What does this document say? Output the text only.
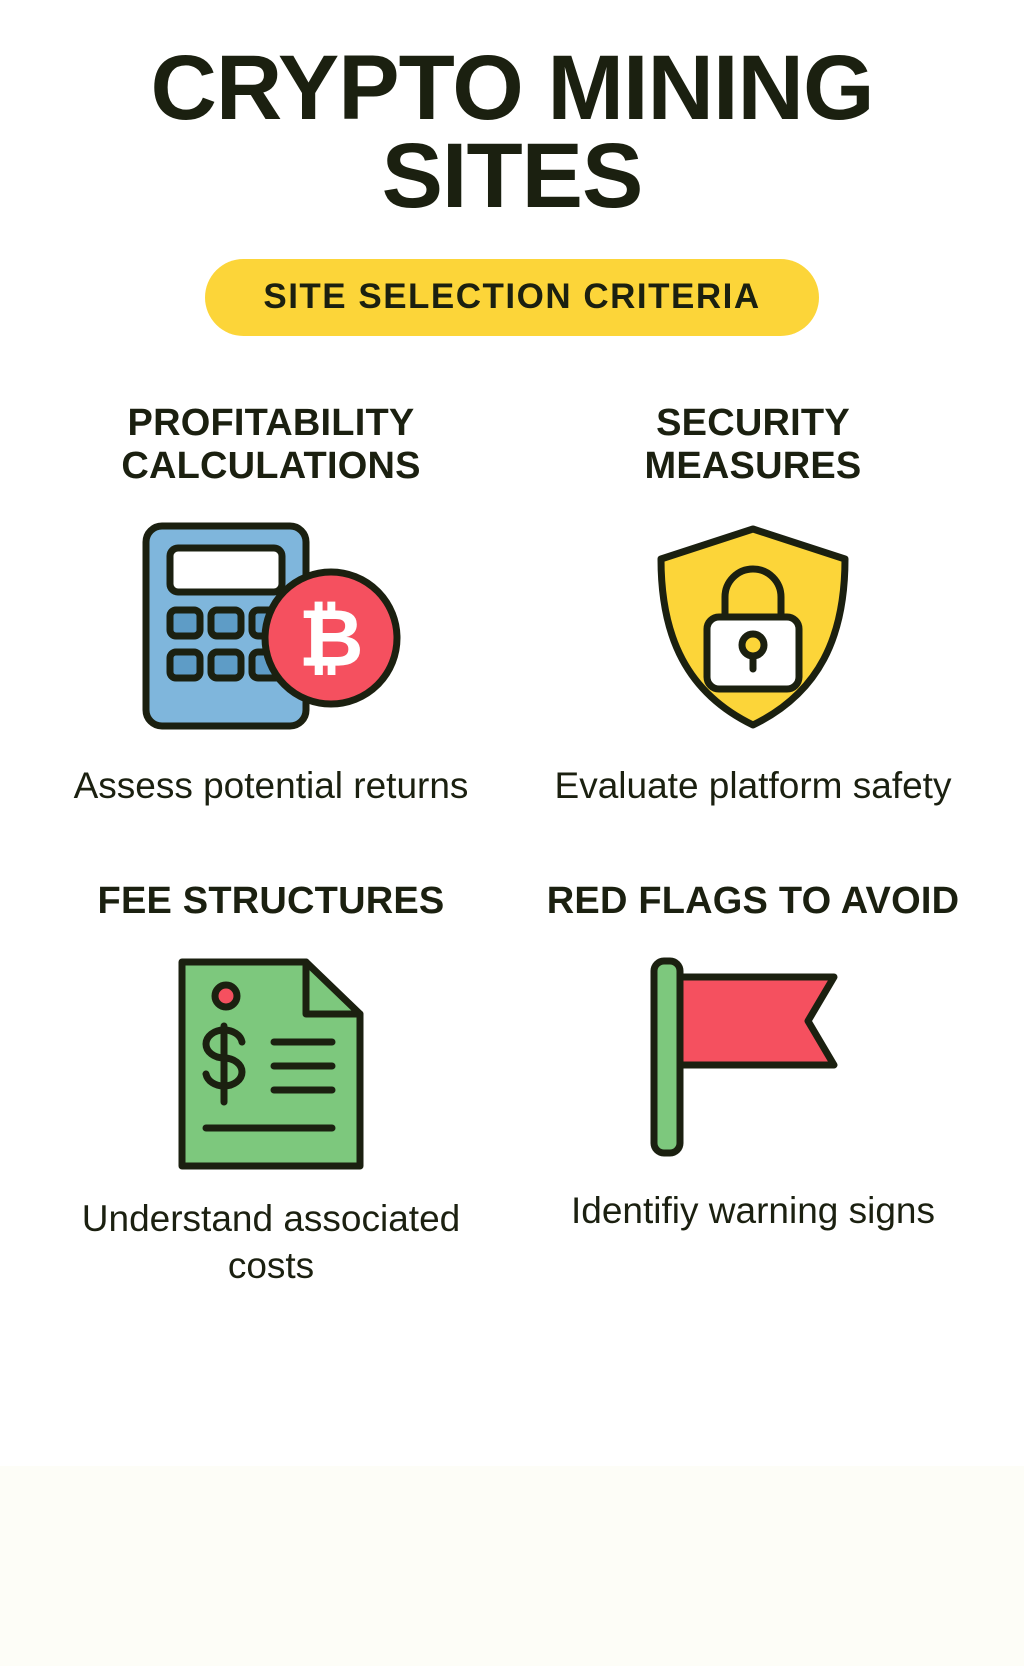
CRYPTO MINING
SITES
SITE SELECTION CRITERIA
PROFITABILITY CALCULATIONS
₿
Assess potential returns
SECURITY MEASURES
Evaluate platform safety
FEE STRUCTURES
Understand associated costs
RED FLAGS TO AVOID
Identifiy warning signs
